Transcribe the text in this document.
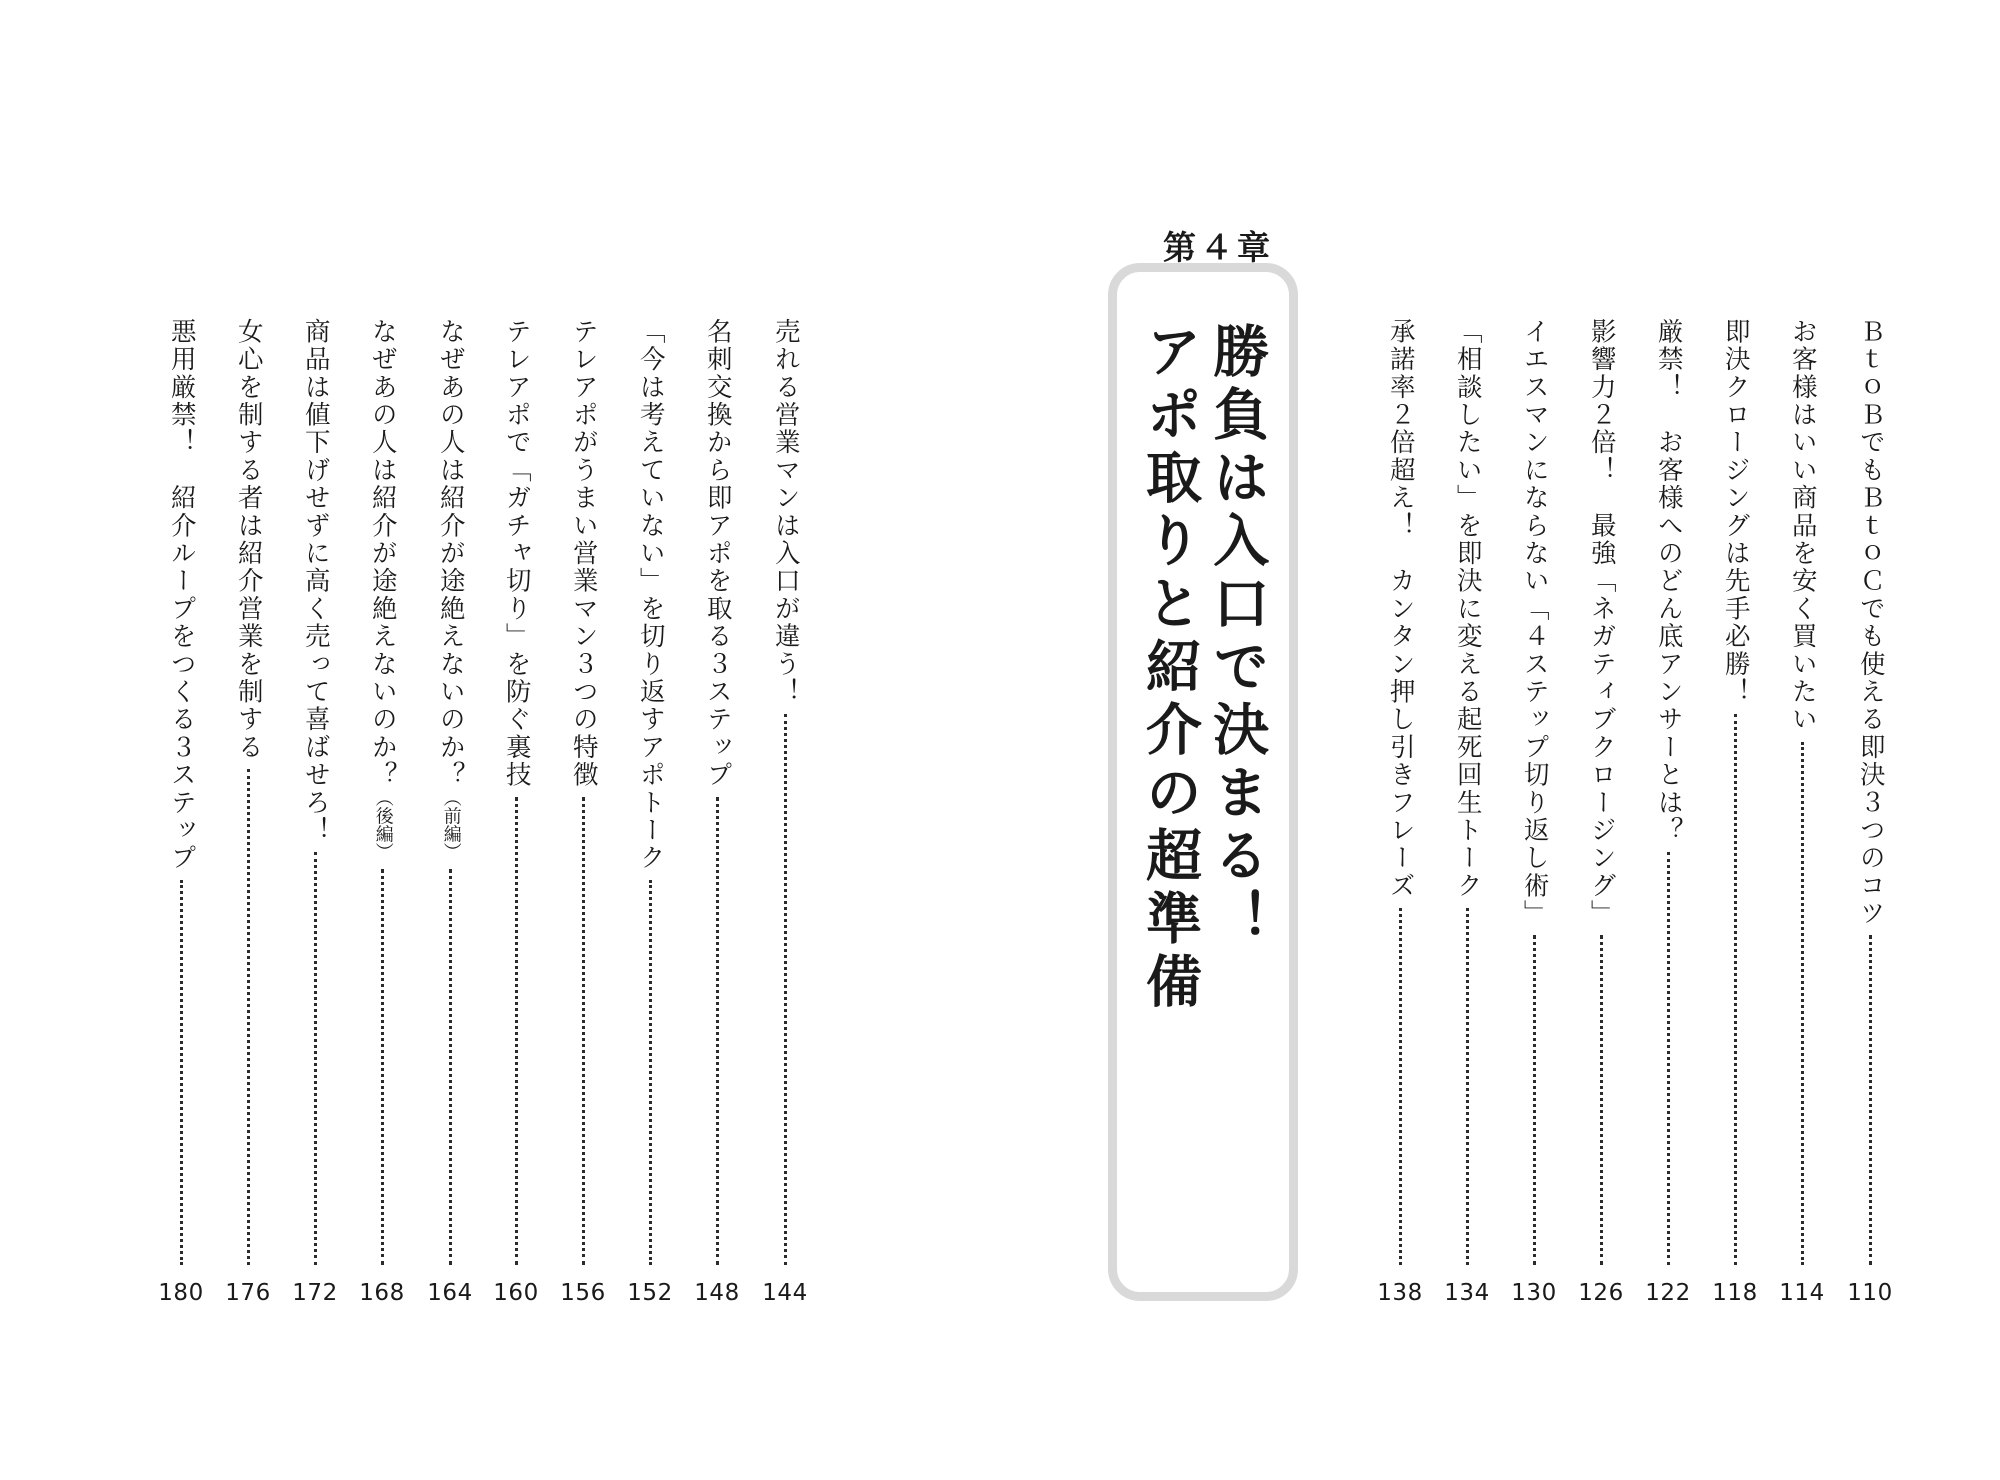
第４章
勝負は入口で決まる！
アポ取りと紹介の超準備	ＢｔｏＢでもＢｔｏＣでも使える即決３つのコツ
110
お客様はいい商品を安く買いたい
114
即決クロージングは先手必勝！
118
厳禁！　お客様へのどん底アンサーとは？
122
影響力２倍！　最強「ネガティブクロージング」
126
イエスマンにならない「４ステップ切り返し術」
130
「相談したい」を即決に変える起死回生トーク
134
承諾率２倍超え！　カンタン押し引きフレーズ
138
売れる営業マンは入口が違う！
144
名刺交換から即アポを取る３ステップ
148
「今は考えていない」を切り返すアポトーク
152
テレアポがうまい営業マン３つの特徴
156
テレアポで「ガチャ切り」を防ぐ裏技
160
なぜあの人は紹介が途絶えないのか？（前編）
164
なぜあの人は紹介が途絶えないのか？（後編）
168
商品は値下げせずに高く売って喜ばせろ！
172
女心を制する者は紹介営業を制する
176
悪用厳禁！　紹介ループをつくる３ステップ
180
